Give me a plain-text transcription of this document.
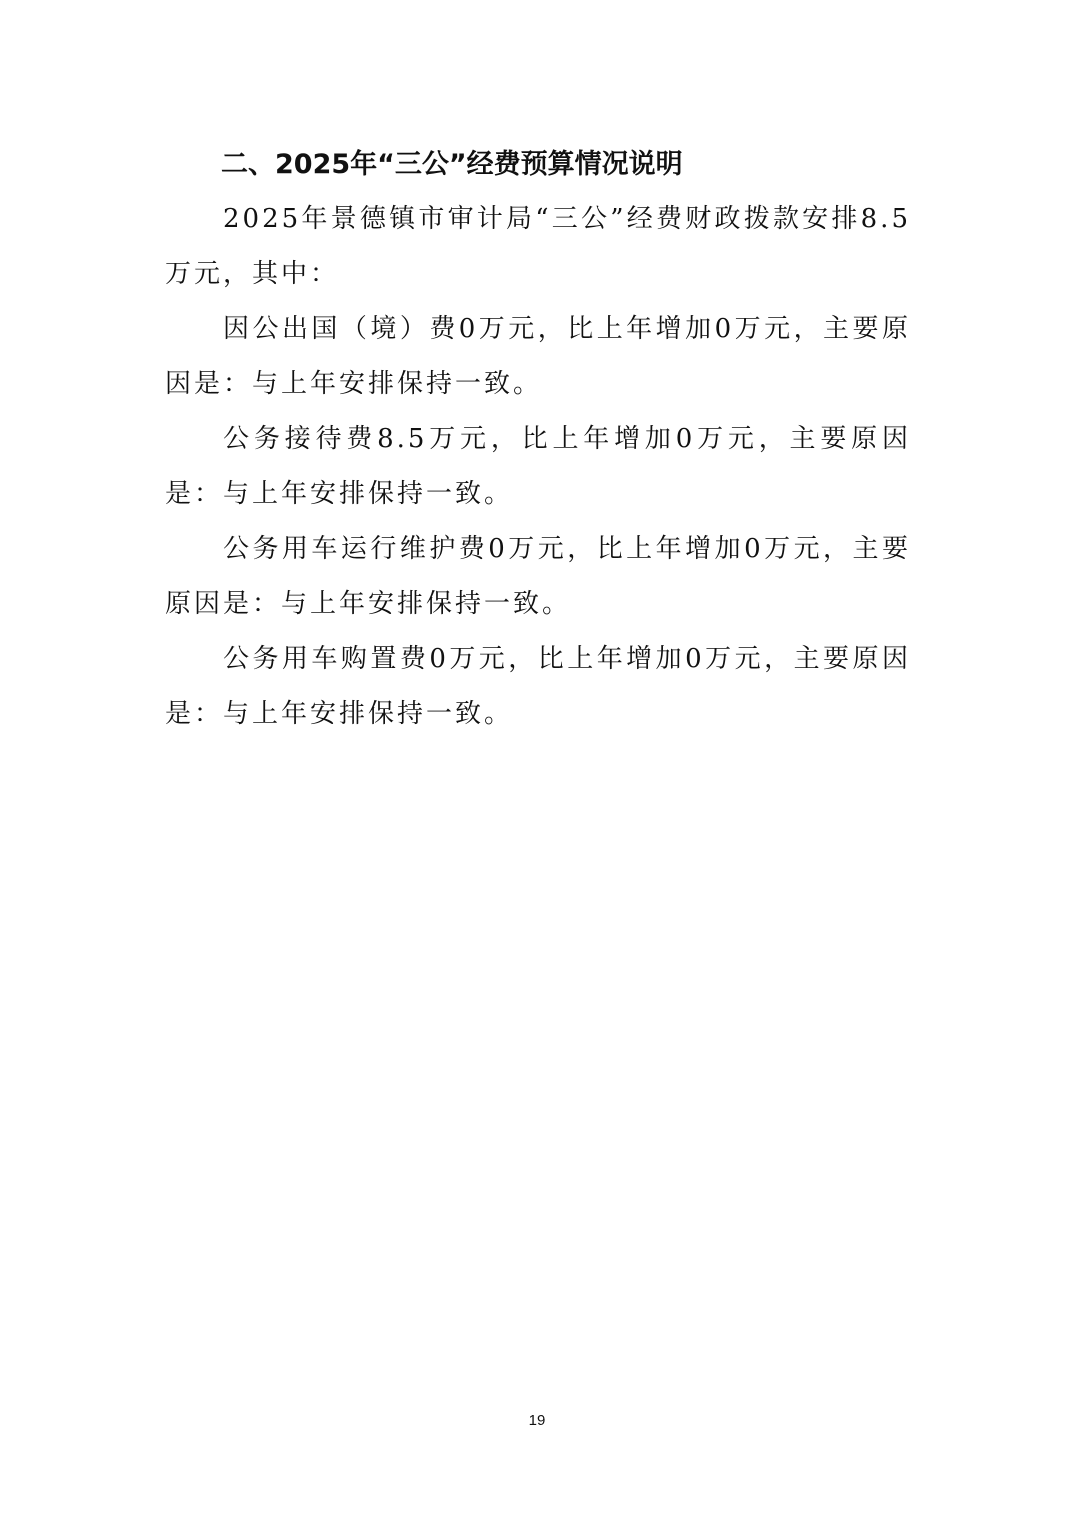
二、2025年“三公”经费预算情况说明

2025年景德镇市审计局“三公”经费财政拨款安排8.5万元，其中：

因公出国（境）费0万元，比上年增加0万元，主要原因是：与上年安排保持一致。

公务接待费8.5万元，比上年增加0万元，主要原因是：与上年安排保持一致。

公务用车运行维护费0万元，比上年增加0万元，主要原因是：与上年安排保持一致。

公务用车购置费0万元，比上年增加0万元，主要原因是：与上年安排保持一致。

19
